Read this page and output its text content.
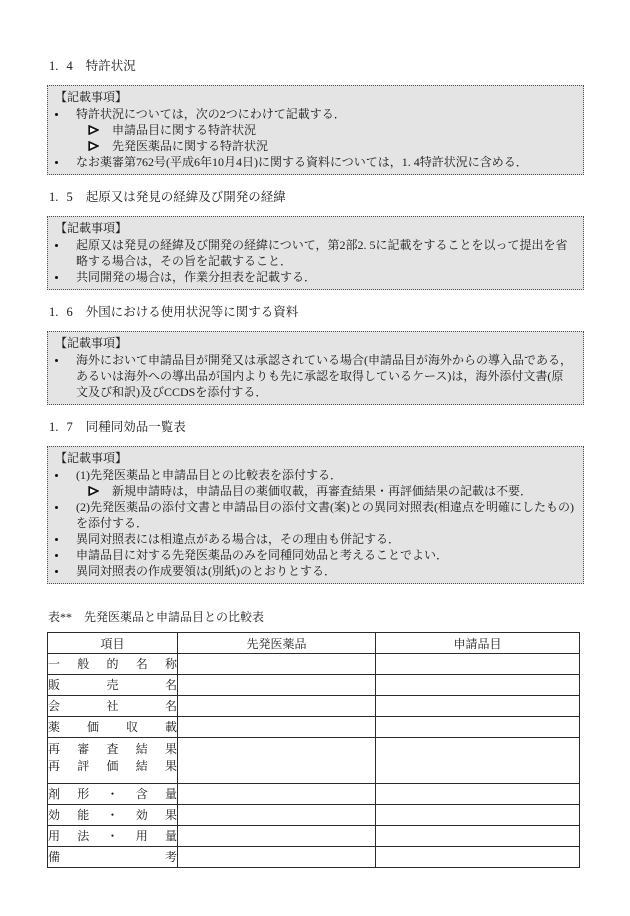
1. 4 特許状況
【記載事項】
特許状況については，次の2つにわけて記載する．
申請品目に関する特許状況
先発医薬品に関する特許状況
なお薬審第762号(平成6年10月4日)に関する資料については，1. 4特許状況に含める．
1. 5 起原又は発見の経緯及び開発の経緯
【記載事項】
起原又は発見の経緯及び開発の経緯について，第2部2. 5に記載をすることを以って提出を省略する場合は，その旨を記載すること．
共同開発の場合は，作業分担表を記載する．
1. 6 外国における使用状況等に関する資料
【記載事項】
海外において申請品目が開発又は承認されている場合(申請品目が海外からの導入品である，あるいは海外への導出品が国内よりも先に承認を取得しているケース)は，海外添付文書(原文及び和訳)及びCCDSを添付する．
1. 7 同種同効品一覧表
【記載事項】
(1)先発医薬品と申請品目との比較表を添付する．
新規申請時は，申請品目の薬価収載，再審査結果・再評価結果の記載は不要．
(2)先発医薬品の添付文書と申請品目の添付文書(案)との異同対照表(相違点を明確にしたもの)を添付する．
異同対照表には相違点がある場合は，その理由も併記する．
申請品目に対する先発医薬品のみを同種同効品と考えることでよい．
異同対照表の作成要領は(別紙)のとおりとする．
表**　先発医薬品と申請品目との比較表
項目	先発医薬品	申請品目

一 般 的 名 称		

販 売 名		

会 社 名		

薬 価 収 載		

再 審 査 結 果
再 評 価 結 果

剤 形 ・ 含 量		

効 能 ・ 効 果		

用 法 ・ 用 量		

備 考		
